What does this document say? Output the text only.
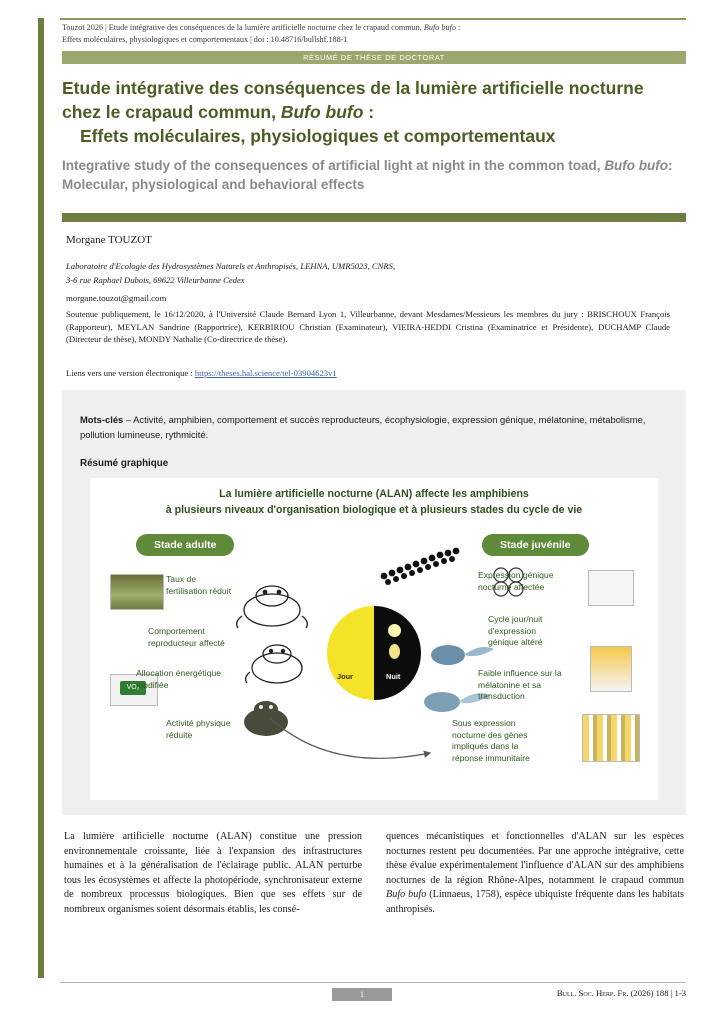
Touzot 2026 | Etude intégrative des conséquences de la lumière artificielle nocturne chez le crapaud commun, Bufo bufo :
Effets moléculaires, physiologiques et comportementaux | doi : 10.48716/bullshf.188-1
RÉSUMÉ DE THÈSE DE DOCTORAT
Etude intégrative des conséquences de la lumière artificielle nocturne chez le crapaud commun, Bufo bufo :
Effets moléculaires, physiologiques et comportementaux
Integrative study of the consequences of artificial light at night in the common toad, Bufo bufo: Molecular, physiological and behavioral effects
Morgane TOUZOT
Laboratoire d'Ecologie des Hydrosystèmes Naturels et Anthropisés, LEHNA, UMR5023, CNRS,
3-6 rue Raphael Dubois, 69622 Villeurbanne Cedex
morgane.touzot@gmail.com
Soutenue publiquement, le 16/12/2020, à l'Université Claude Bernard Lyon 1, Villeurbanne, devant Mesdames/Messieurs les membres du jury : BRISCHOUX François (Rapporteur), MEYLAN Sandrine (Rapportrice), KERBIRIOU Christian (Examinateur), VIEIRA-HEDDI Cristina (Examinatrice et Présidente), DUCHAMP Claude (Directeur de thèse), MONDY Nathalie (Co-directrice de thèse).
Liens vers une version électronique : https://theses.hal.science/tel-03904623v1
Mots-clés – Activité, amphibien, comportement et succès reproducteurs, écophysiologie, expression génique, mélatonine, métabolisme, pollution lumineuse, rythmicité.
Résumé graphique
La lumière artificielle nocturne (ALAN) affecte les amphibiens
à plusieurs niveaux d'organisation biologique et à plusieurs stades du cycle de vie
Stade adulte	Stade juvénile
Jour	Nuit
VO₂
Taux de
fertilisation réduit
Comportement
reproducteur affecté
Allocation énergétique
modifiée
Activité physique
réduite
Expression génique
nocturne affectée
Cycle jour/nuit
d'expression
génique altéré
Faible influence sur la
mélatonine et sa
transduction
Sous expression
nocturne des gènes
impliqués dans la
réponse immunitaire
La lumière artificielle nocturne (ALAN) constitue une pression environnementale croissante, liée à l'expansion des infrastructures humaines et à la généralisation de l'éclairage public. ALAN perturbe tous les écosystèmes et affecte la photopériode, synchronisateur externe de nombreux processus biologiques. Bien que ses effets sur de nombreux organismes soient désormais établis, les consé-
quences mécanistiques et fonctionnelles d'ALAN sur les espèces nocturnes restent peu documentées. Par une approche intégrative, cette thèse évalue expérimentalement l'influence d'ALAN sur des amphibiens nocturnes de la région Rhône-Alpes, notamment le crapaud commun Bufo bufo (Linnaeus, 1758), espèce ubiquiste fréquente dans les habitats anthropisés.
1	Bull. Soc. Herp. Fr. (2026) 188 | 1-3
